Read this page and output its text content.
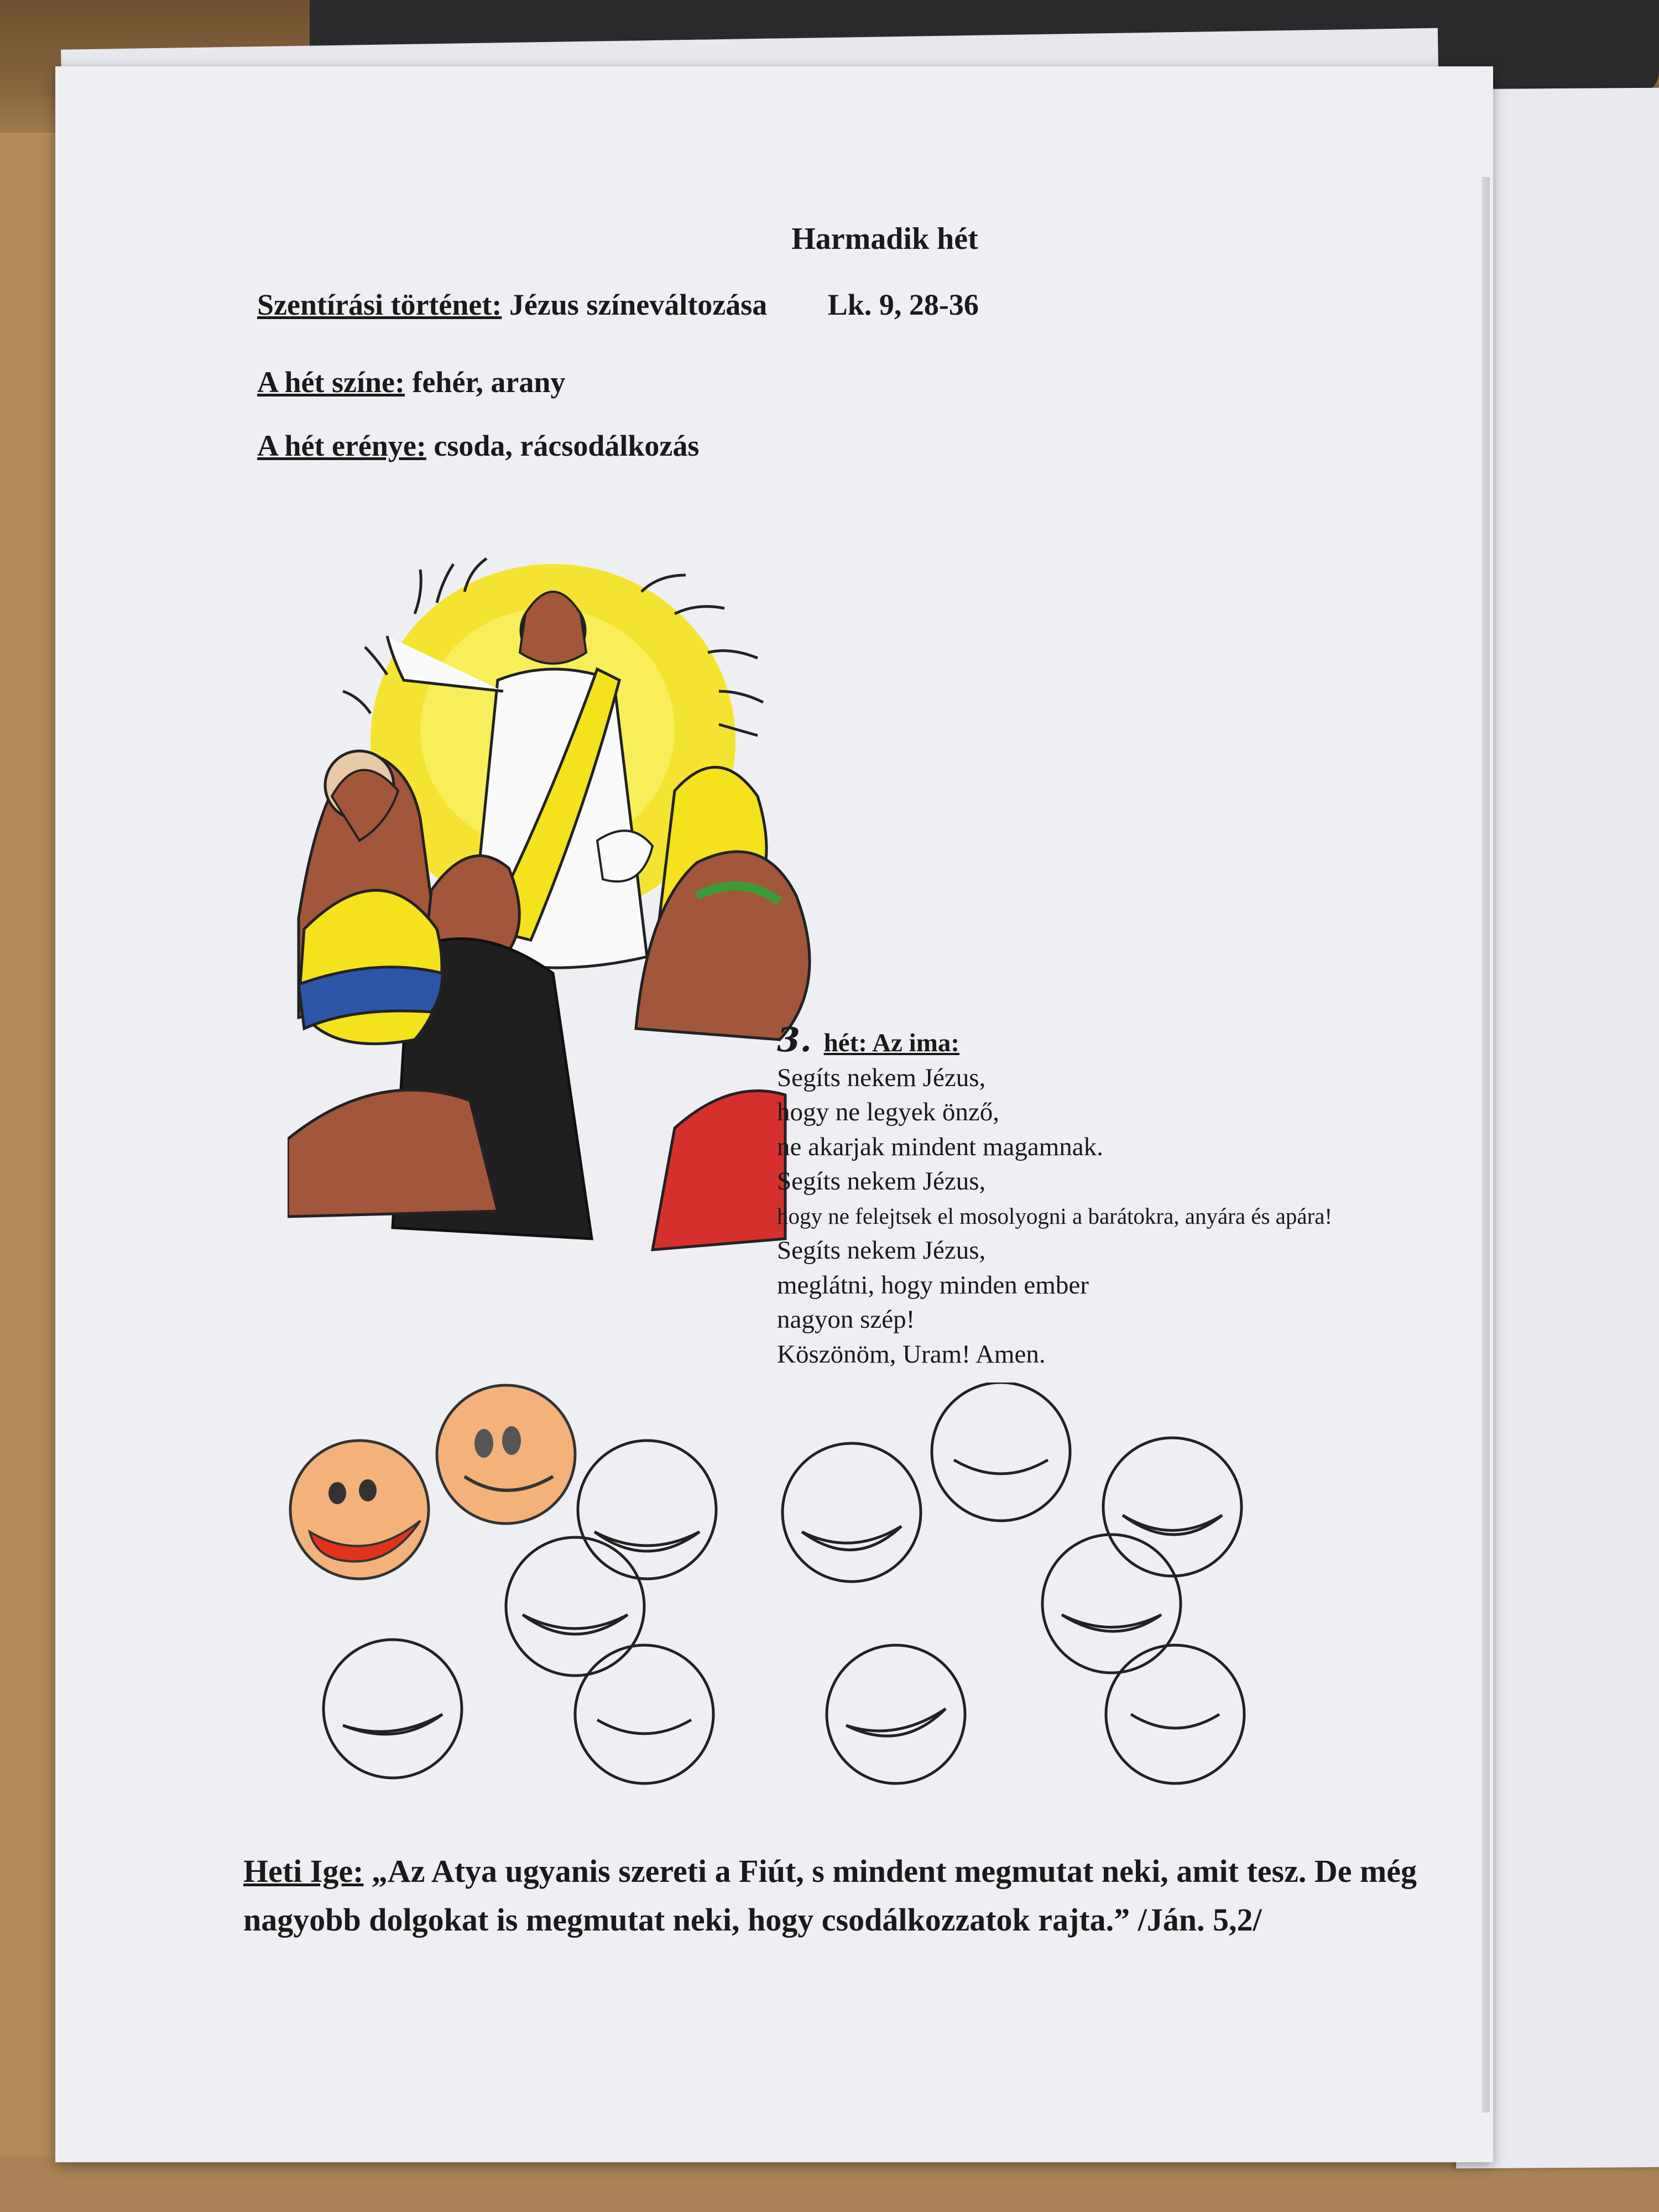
Harmadik hét
Szentírási történet: Jézus színeváltozása Lk. 9, 28-36
A hét színe: fehér, arany
A hét erénye: csoda, rácsodálkozás
3. hét: Az ima:
Segíts nekem Jézus,
hogy ne legyek önző,
ne akarjak mindent magamnak.
Segíts nekem Jézus,
hogy ne felejtsek el mosolyogni a barátokra, anyára és apára!
Segíts nekem Jézus,
meglátni, hogy minden ember
nagyon szép!
Köszönöm, Uram! Amen.
Heti Ige: „Az Atya ugyanis szereti a Fiút, s mindent megmutat neki, amit tesz. De még nagyobb dolgokat is megmutat neki, hogy csodálkozzatok rajta.” /Ján. 5,2/
